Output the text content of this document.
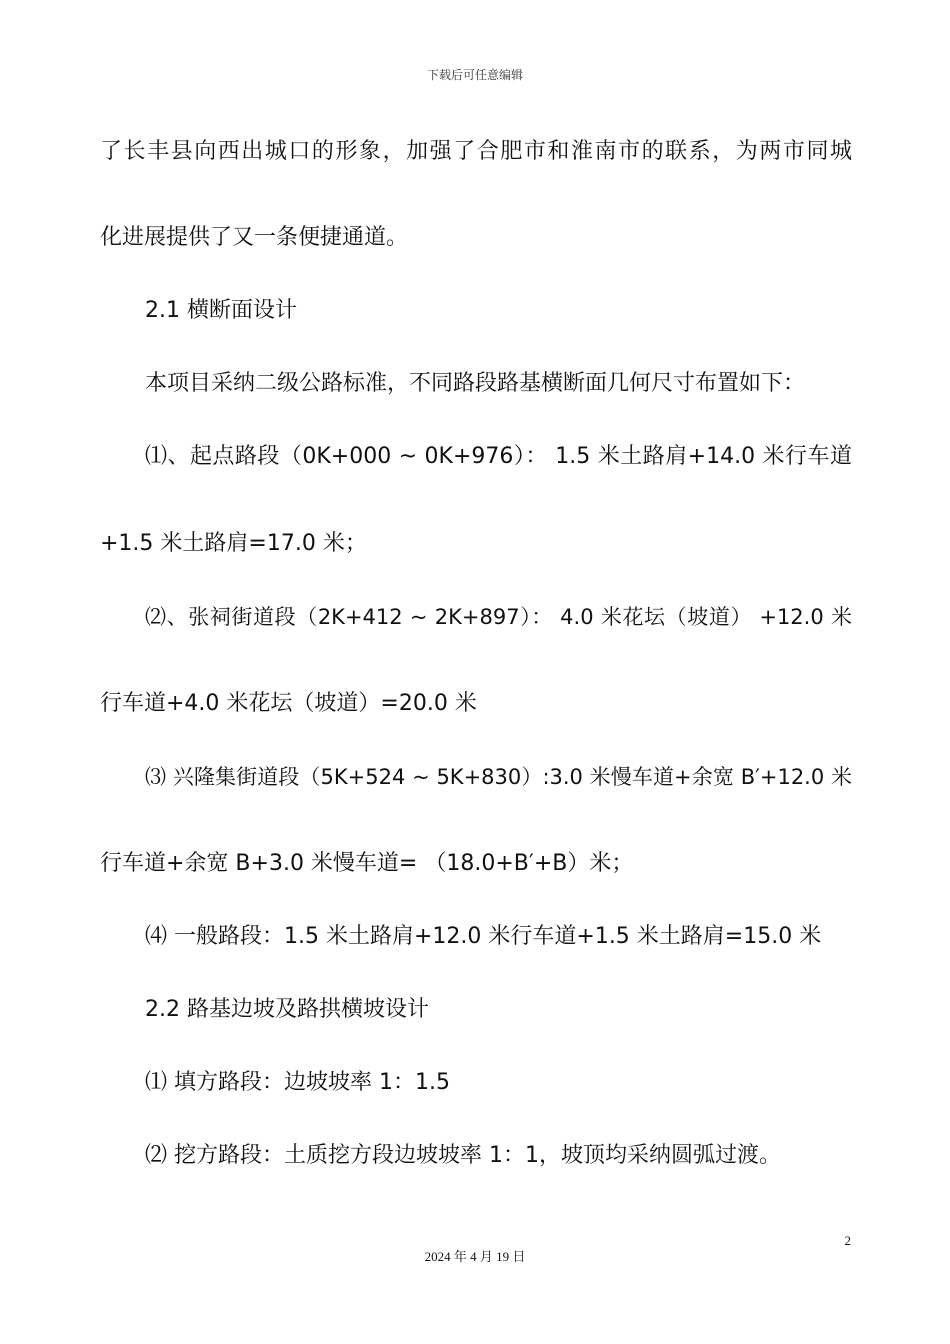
下载后可任意编辑
了长丰县向西出城口的形象，加强了合肥市和淮南市的联系，为两市同城
化进展提供了又一条便捷通道。
2.1 横断面设计
本项目采纳二级公路标准，不同路段路基横断面几何尺寸布置如下：
⑴、起点路段（0K+000 ~ 0K+976）： 1.5 米土路肩+14.0 米行车道
+1.5 米土路肩=17.0 米；
⑵、张祠街道段（2K+412 ~ 2K+897）： 4.0 米花坛（坡道） +12.0 米
行车道+4.0 米花坛（坡道）=20.0 米
⑶ 兴隆集街道段（5K+524 ~ 5K+830）:3.0 米慢车道+余宽 B′+12.0 米
行车道+余宽 B+3.0 米慢车道= （18.0+B′+B）米；
⑷ 一般路段：1.5 米土路肩+12.0 米行车道+1.5 米土路肩=15.0 米
2.2 路基边坡及路拱横坡设计
⑴ 填方路段：边坡坡率 1：1.5
⑵ 挖方路段：土质挖方段边坡坡率 1：1，坡顶均采纳圆弧过渡。
2
2024 年 4 月 19 日
